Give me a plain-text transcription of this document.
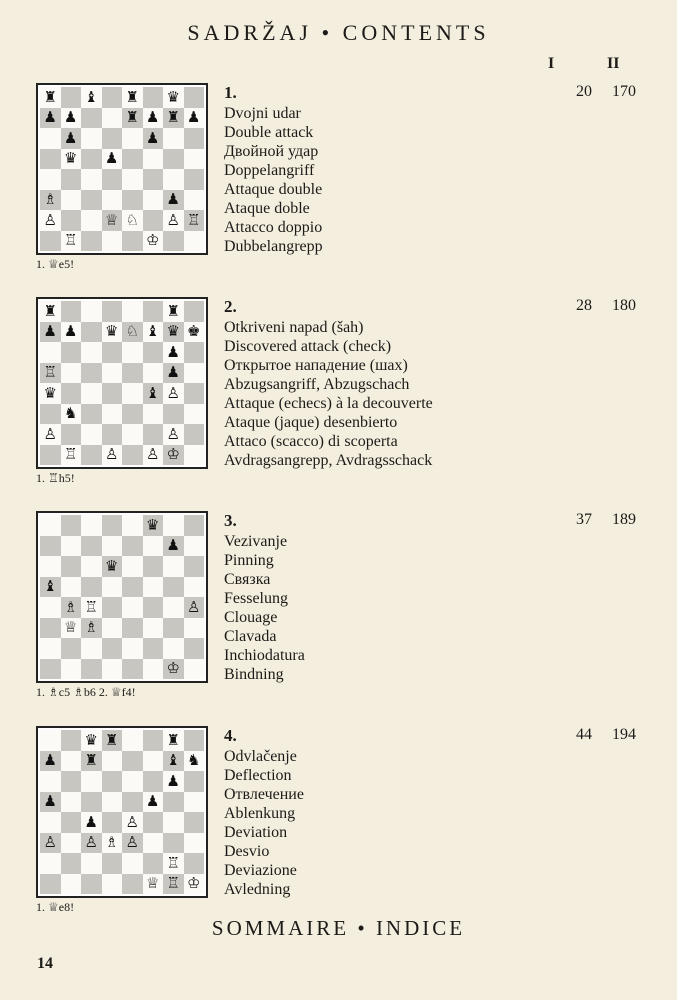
SADRŽAJ • CONTENTS
I	II
♜ ♝ ♜ ♛
♟ ♟	♜ ♟ ♜ ♟
♟	♟
♛ ♟
♗	♟
♙	♕ ♘ ♙ ♖
♖	♔
1. ♕e5!
1.
Dvojni udar
Double attack
Двойной удар
Doppelangriff
Attaque double
Ataque doble
Attacco doppio
Dubbelangrepp
20	170
♜	♜
♟ ♟ ♛ ♘ ♝ ♛ ♚
♟
♖	♟
♛	♝ ♙
♞
♙	♙
♖ ♙ ♙ ♔
1. ♖h5!
2.
Otkriveni napad (šah)
Discovered attack (check)
Открытое нападение (шах)
Abzugsangriff, Abzugschach
Attaque (echecs) à la decouverte
Ataque (jaque) desenbierto
Attaco (scacco) di scoperta
Avdragsangrepp, Avdragsschack
28	180
♛
♟
♛
♝
♗ ♖	♙
♕ ♗
♔
1. ♗c5 ♗b6 2. ♕f4!
3.
Vezivanje
Pinning
Связка
Fesselung
Clouage
Clavada
Inchiodatura
Bindning
37	189
♛ ♜	♜
♟ ♜	♝ ♞
♟
♟	♟
♟ ♙
♙ ♙ ♗ ♙
♖
♕ ♖ ♔
1. ♕e8!
4.
Odvlačenje
Deflection
Отвлечение
Ablenkung
Deviation
Desvio
Deviazione
Avledning
44	194
SOMMAIRE • INDICE
14
